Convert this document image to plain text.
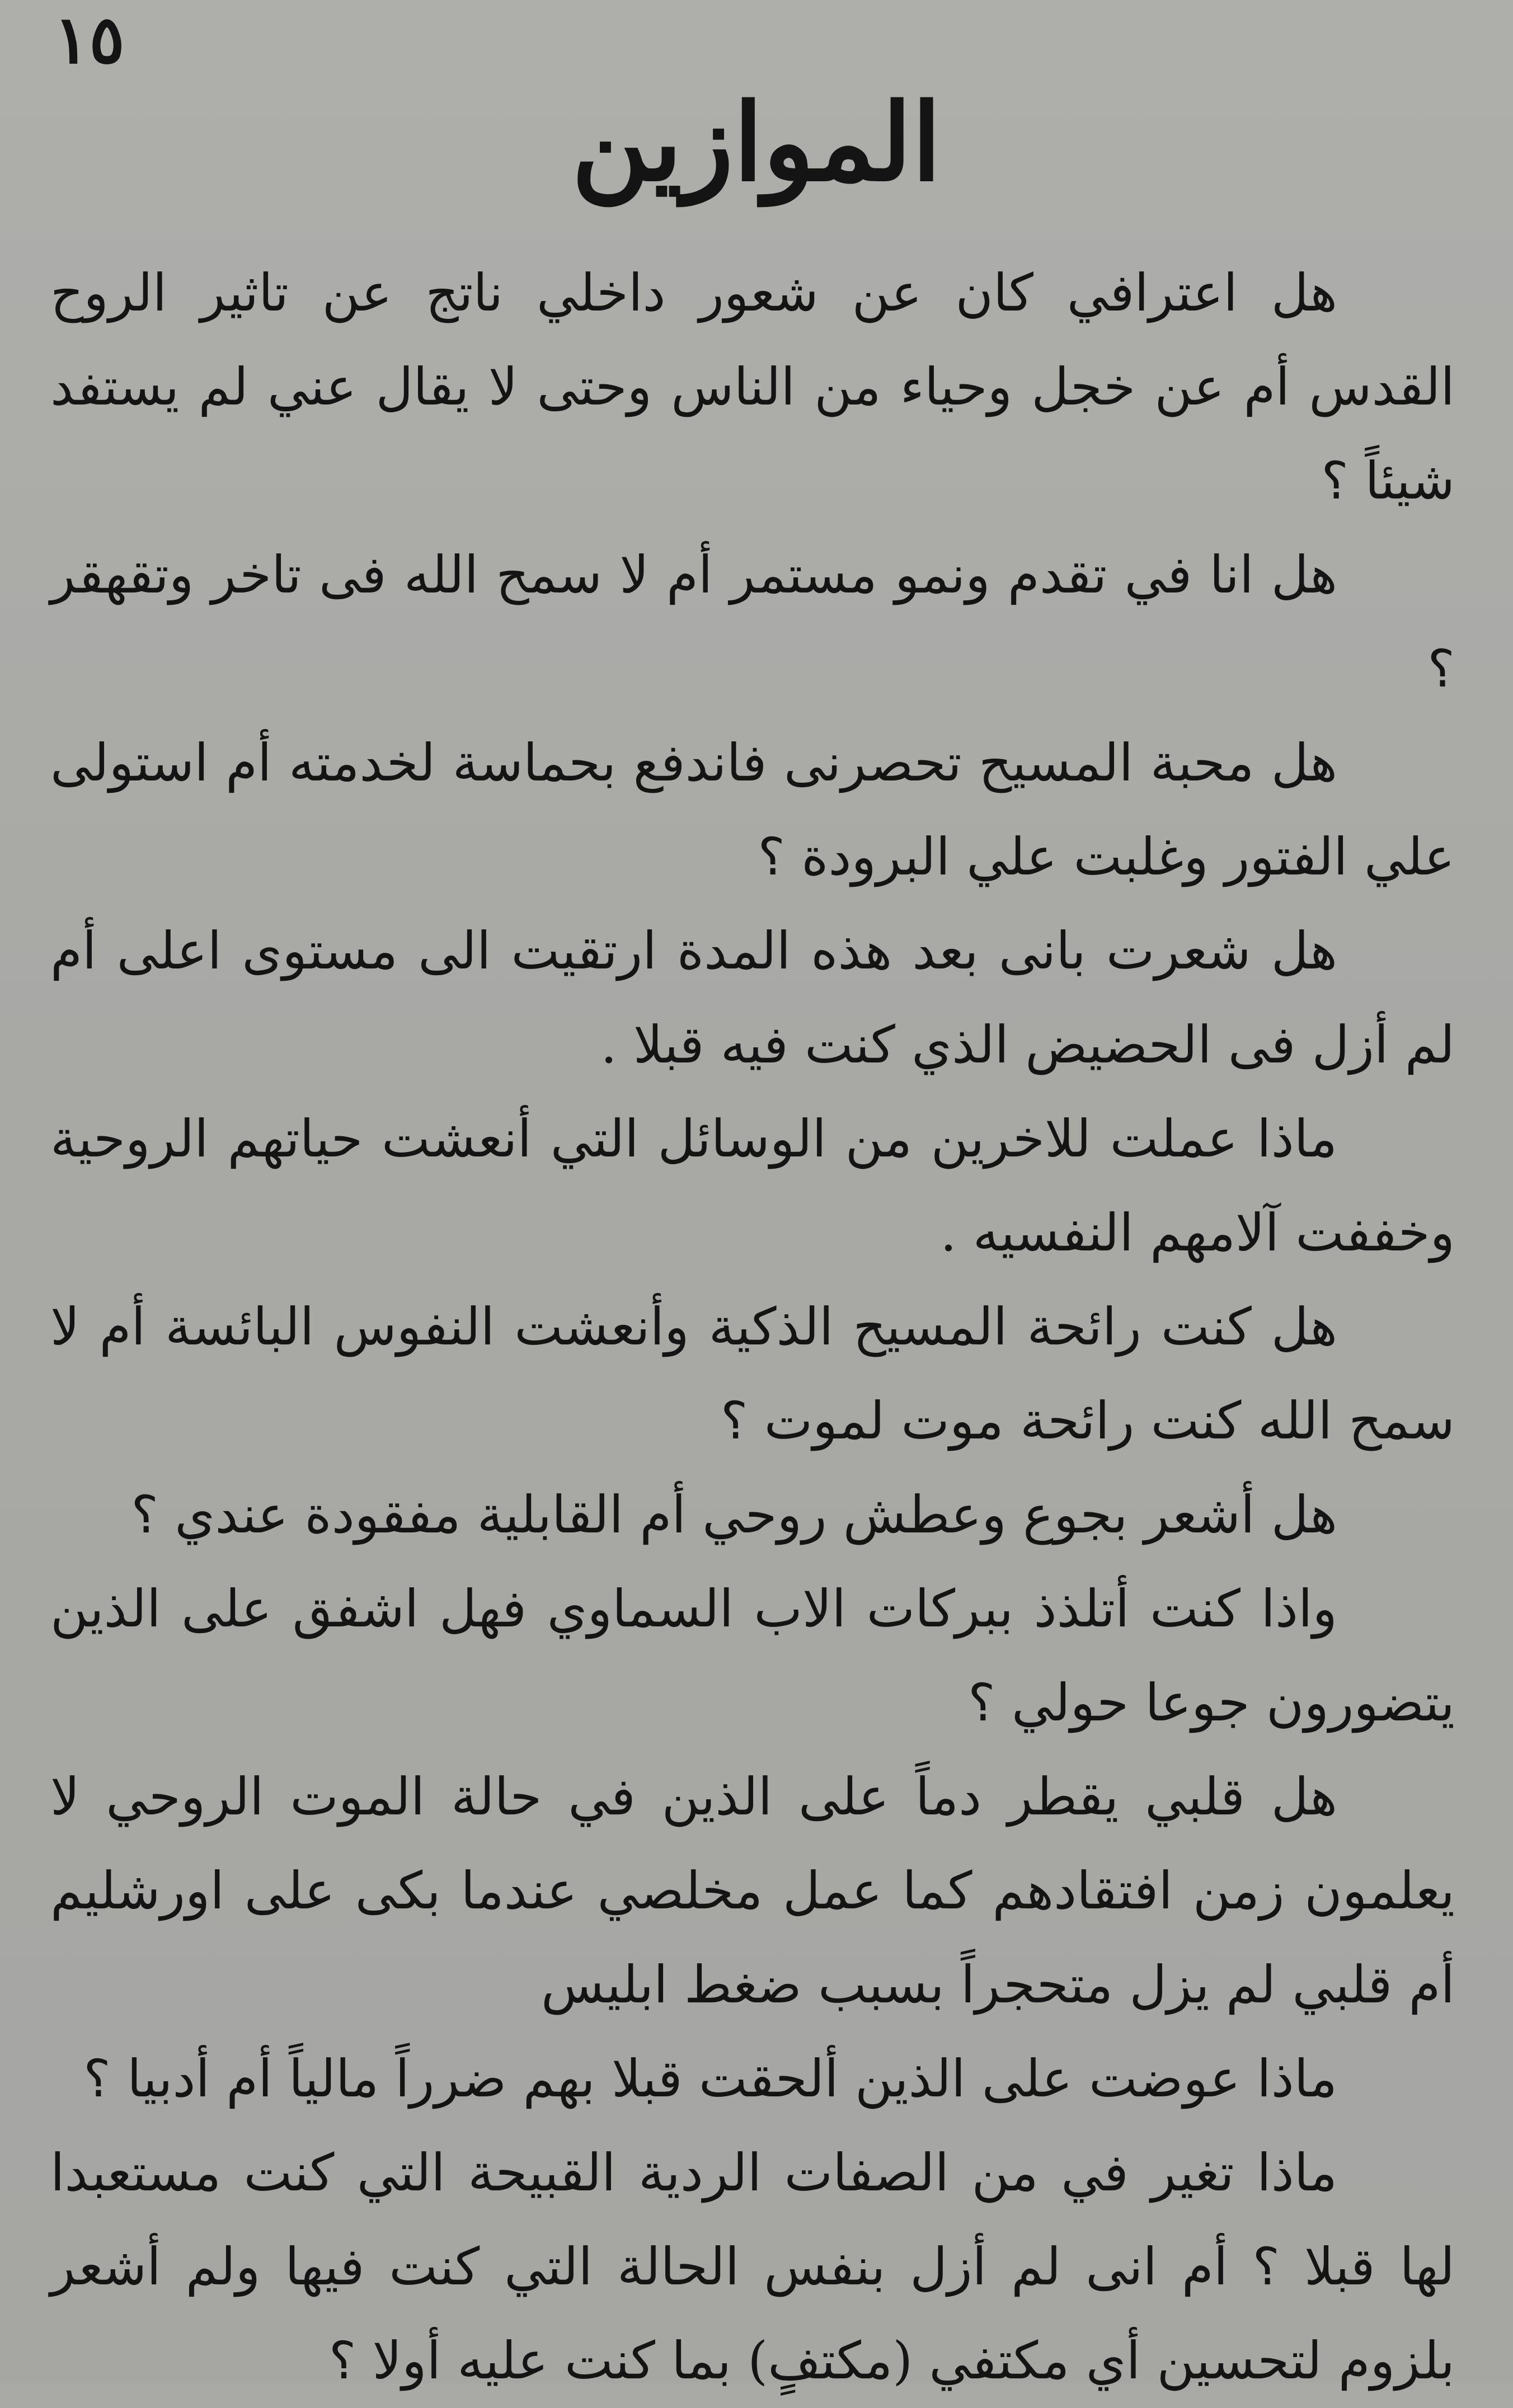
١٥
الموازين

هل اعترافي كان عن شعور داخلي ناتج عن تاثير الروح القدس أم عن خجل وحياء من الناس وحتى لا يقال عني لم يستفد شيئاً ؟

هل انا في تقدم ونمو مستمر أم لا سمح الله فى تاخر وتقهقر ؟

هل محبة المسيح تحصرنى فاندفع بحماسة لخدمته أم استولى علي الفتور وغلبت علي البرودة ؟

هل شعرت بانى بعد هذه المدة ارتقيت الى مستوى اعلى أم لم أزل فى الحضيض الذي كنت فيه قبلا .

ماذا عملت للاخرين من الوسائل التي أنعشت حياتهم الروحية وخففت آلامهم النفسيه .

هل كنت رائحة المسيح الذكية وأنعشت النفوس البائسة أم لا سمح الله كنت رائحة موت لموت ؟

هل أشعر بجوع وعطش روحي أم القابلية مفقودة عندي ؟

واذا كنت أتلذذ ببركات الاب السماوي فهل اشفق على الذين يتضورون جوعا حولي ؟

هل قلبي يقطر دماً على الذين في حالة الموت الروحي لا يعلمون زمن افتقادهم كما عمل مخلصي عندما بكى على اورشليم أم قلبي لم يزل متحجراً بسبب ضغط ابليس

ماذا عوضت على الذين ألحقت قبلا بهم ضرراً مالياً أم أدبيا ؟

ماذا تغير في من الصفات الردية القبيحة التي كنت مستعبدا لها قبلا ؟ أم انى لم أزل بنفس الحالة التي كنت فيها ولم أشعر بلزوم لتحسين أي مكتفي (مكتفٍ) بما كنت عليه أولا ؟
